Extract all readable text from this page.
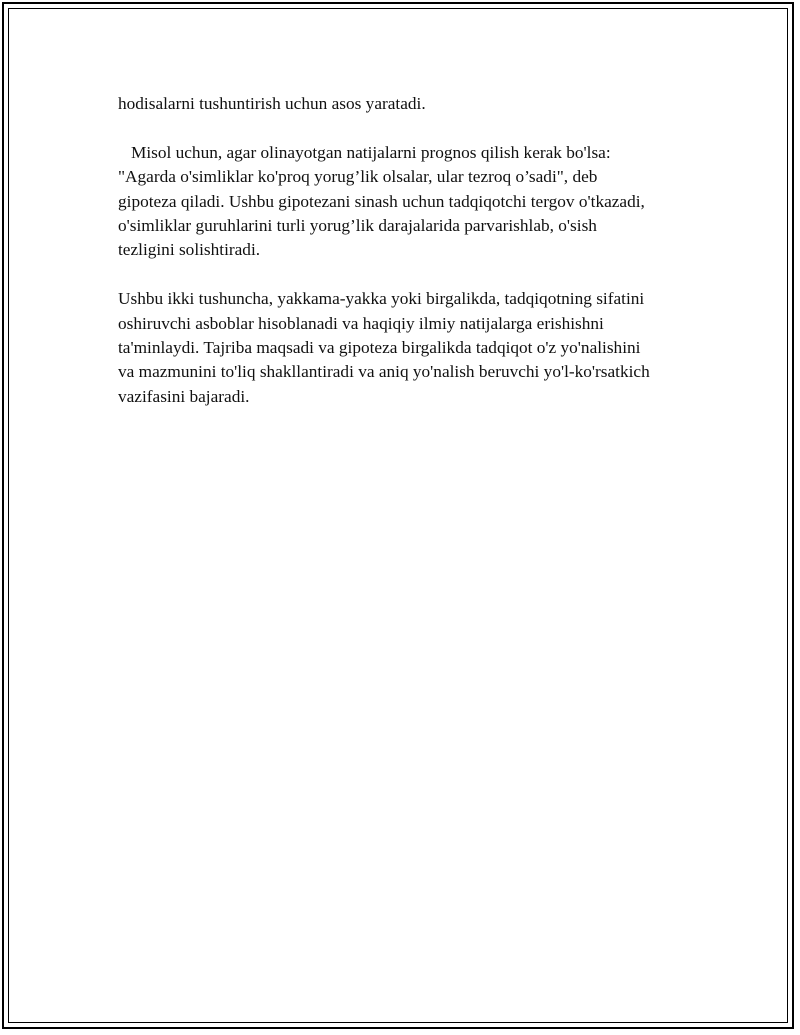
hodisalarni tushuntirish uchun asos yaratadi.

Misol uchun, agar olinayotgan natijalarni prognos qilish kerak bo'lsa:
"Agarda o'simliklar ko'proq yorug’lik olsalar, ular tezroq o’sadi", deb
gipoteza qiladi. Ushbu gipotezani sinash uchun tadqiqotchi tergov o'tkazadi,
o'simliklar guruhlarini turli yorug’lik darajalarida parvarishlab, o'sish
tezligini solishtiradi.

Ushbu ikki tushuncha, yakkama-yakka yoki birgalikda, tadqiqotning sifatini
oshiruvchi asboblar hisoblanadi va haqiqiy ilmiy natijalarga erishishni
ta'minlaydi. Tajriba maqsadi va gipoteza birgalikda tadqiqot o'z yo'nalishini
va mazmunini to'liq shakllantiradi va aniq yo'nalish beruvchi yo'l-ko'rsatkich
vazifasini bajaradi.
